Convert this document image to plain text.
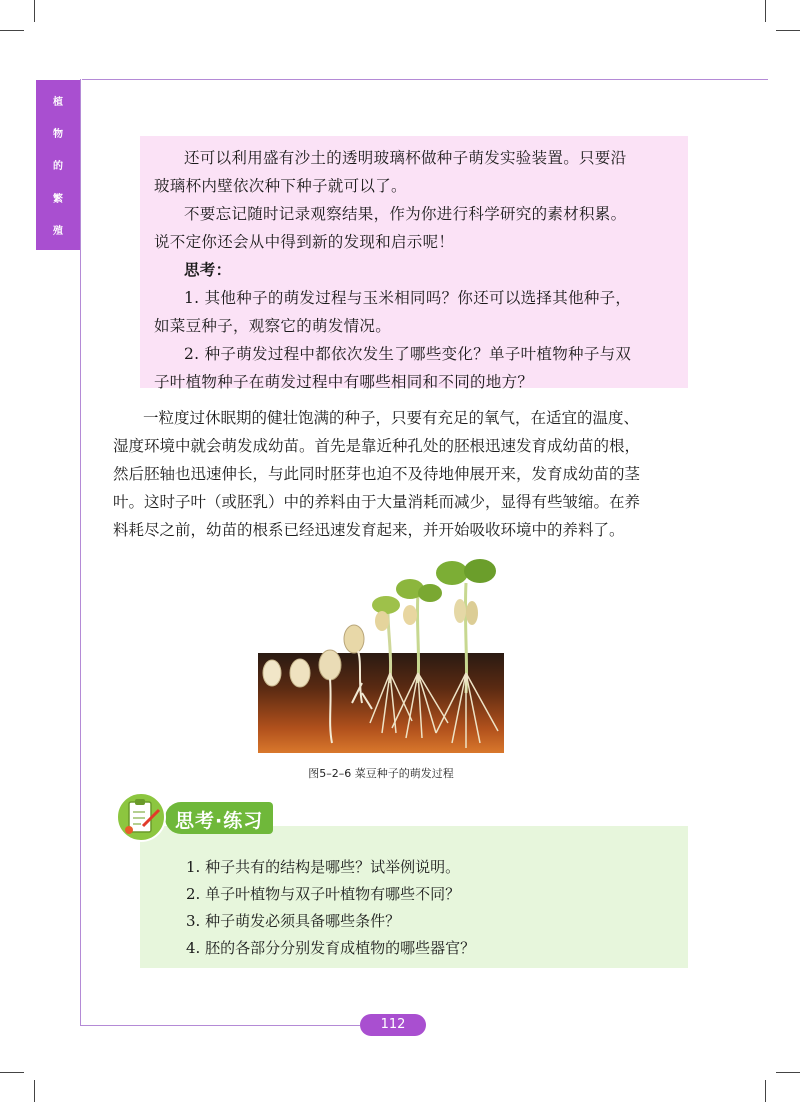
植
物
的
繁
殖

还可以利用盛有沙土的透明玻璃杯做种子萌发实验装置。只要沿

玻璃杯内壁依次种下种子就可以了。

不要忘记随时记录观察结果，作为你进行科学研究的素材积累。

说不定你还会从中得到新的发现和启示呢！

思考：

1. 其他种子的萌发过程与玉米相同吗？你还可以选择其他种子，

如菜豆种子，观察它的萌发情况。

2. 种子萌发过程中都依次发生了哪些变化？单子叶植物种子与双

子叶植物种子在萌发过程中有哪些相同和不同的地方？

一粒度过休眠期的健壮饱满的种子，只要有充足的氧气，在适宜的温度、

湿度环境中就会萌发成幼苗。首先是靠近种孔处的胚根迅速发育成幼苗的根，

然后胚轴也迅速伸长，与此同时胚芽也迫不及待地伸展开来，发育成幼苗的茎

叶。这时子叶（或胚乳）中的养料由于大量消耗而减少，显得有些皱缩。在养

料耗尽之前，幼苗的根系已经迅速发育起来，并开始吸收环境中的养料了。

图5–2–6 菜豆种子的萌发过程

1. 种子共有的结构是哪些？试举例说明。

2. 单子叶植物与双子叶植物有哪些不同？

3. 种子萌发必须具备哪些条件？

4. 胚的各部分分别发育成植物的哪些器官？

思考·练习
112
